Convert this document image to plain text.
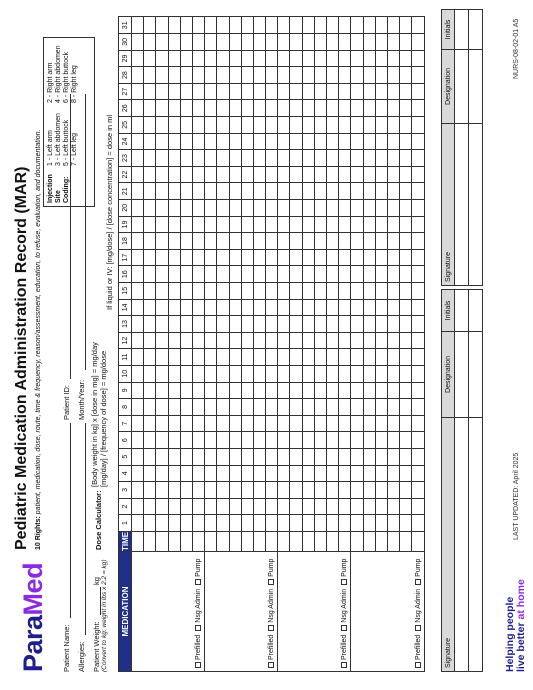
ParaMed
Pediatric Medication Administration Record (MAR) 10 Rights: patient, medication, dose, route, time & frequency, reason/assessment, education, to refuse, evaluation, and documentation.
Patient Name:
Patient ID:
Allergies:
Month/Year:
Patient Weight:
kg (Convert to kg: weight in lbs x 2.2 = kg)
Dose Calculator:
[Body weight in kg] x [dose in mg] = mg/day [mg/day] / [frequency of dose] = mg/dose
If liquid or IV: [mg/dose] / [dose concentration] = dose in ml
MEDICATION	TIME	1	2	3	4	5	6	7	8	9	10	11	12	13	14	15	16	17	18	19	20	21	22	23	24	25	26	27	28	29	30	31

PrefilledNsg AdminPump																																

PrefilledNsg AdminPump																																

PrefilledNsg AdminPump																																

PrefilledNsg AdminPump																																

Signature	Designation	Initials

Signature	Designation	Initials

Helping people live better at home
LAST UPDATED: April 2025
NURS-08-02-01 A5
Injection Site Coding:
1 - Left arm 3 - Left abdomen 5 - Left buttock 7 - Left leg
2 - Right arm 4 - Right abdomen 6 - Right buttock 8 - Right leg
